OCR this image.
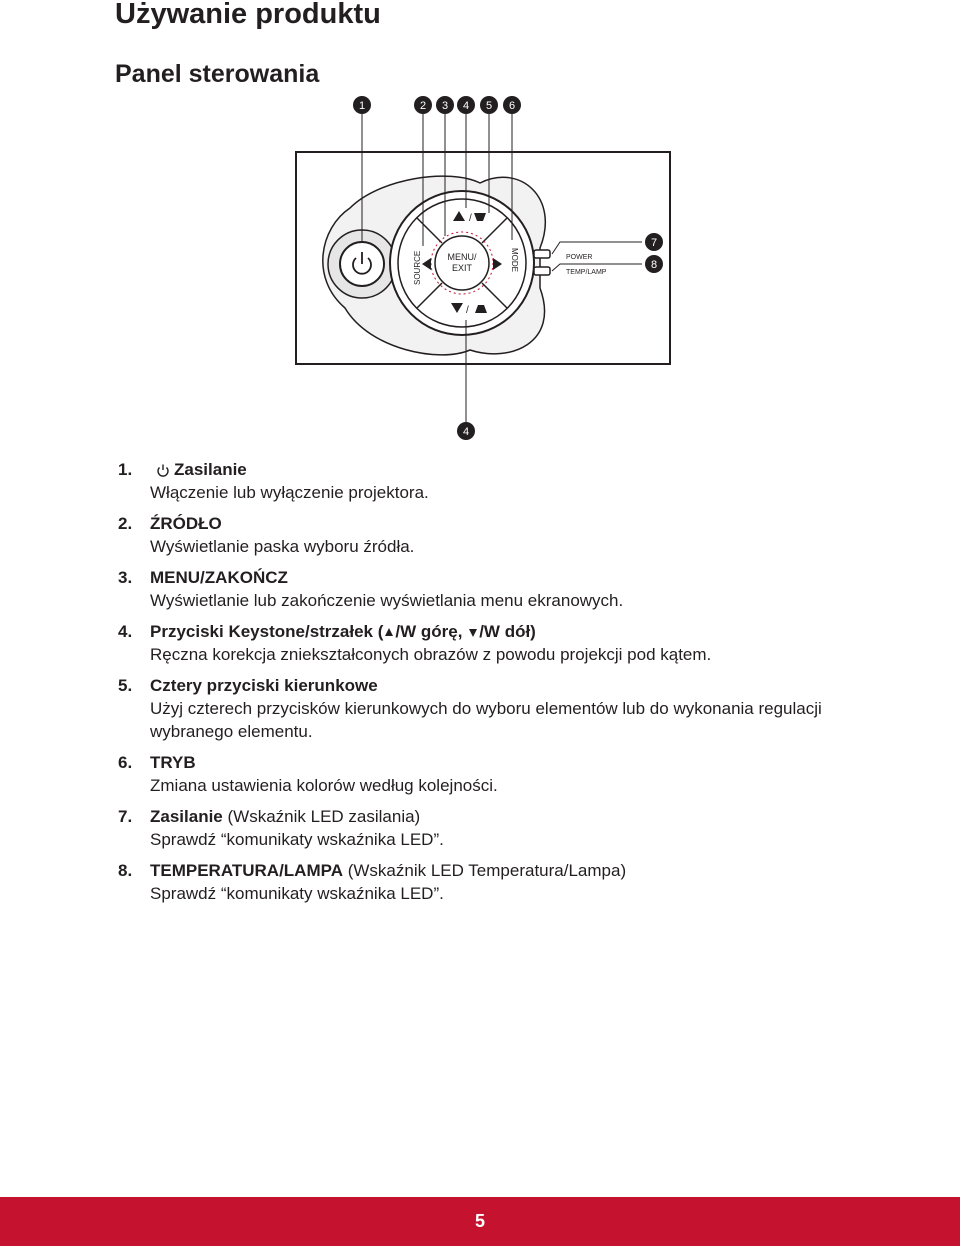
Używanie produktu
Panel sterowania
MENU/
EXIT
/
/
SOURCE	MODE	POWER
TEMP/LAMP
1	2 3 4 5 6
7
8
4
1. Zasilanie
Włączenie lub wyłączenie projektora.
2. ŹRÓDŁO
Wyświetlanie paska wyboru źródła.
3. MENU/ZAKOŃCZ
Wyświetlanie lub zakończenie wyświetlania menu ekranowych.
4. Przyciski Keystone/strzałek ( /W górę, /W dół)
Ręczna korekcja zniekształconych obrazów z powodu projekcji pod kątem.
5. Cztery przyciski kierunkowe
Użyj czterech przycisków kierunkowych do wyboru elementów lub do wykonania regulacji wybranego elementu.
6. TRYB
Zmiana ustawienia kolorów według kolejności.
7. Zasilanie (Wskaźnik LED zasilania)
Sprawdź “komunikaty wskaźnika LED”.
8. TEMPERATURA/LAMPA (Wskaźnik LED Temperatura/Lampa)
Sprawdź “komunikaty wskaźnika LED”.
5
